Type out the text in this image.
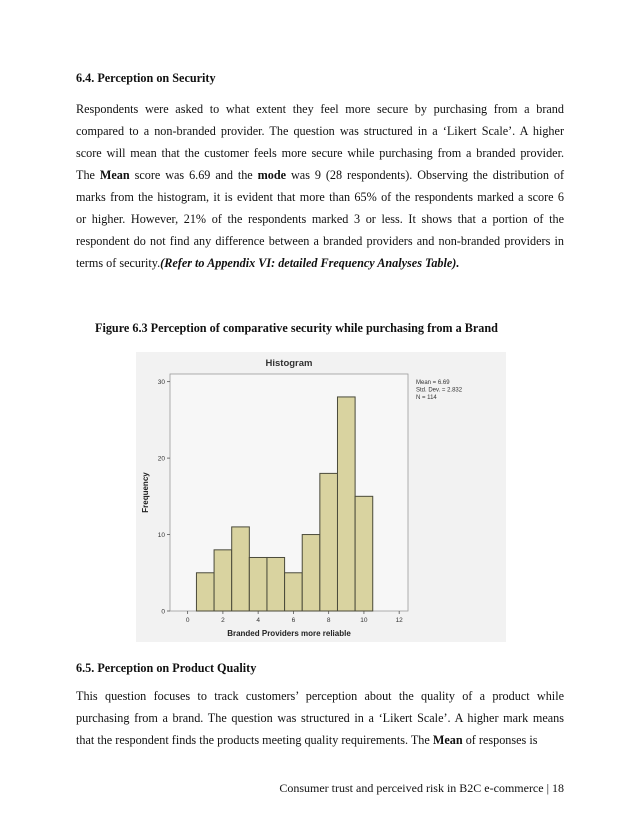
6.4. Perception on Security
Respondents were asked to what extent they feel more secure by purchasing from a brand
compared to a non-branded provider. The question was structured in a ‘Likert Scale’. A higher
score will mean that the customer feels more secure while purchasing from a branded provider.
The Mean score was 6.69 and the mode was 9 (28 respondents). Observing the distribution of
marks from the histogram, it is evident that more than 65% of the respondents marked a score 6
or higher. However, 21% of the respondents marked 3 or less. It shows that a portion of the
respondent do not find any difference between a branded providers and non-branded providers in
terms of security.(Refer to Appendix VI: detailed Frequency Analyses Table).
Figure 6.3 Perception of comparative security while purchasing from a Brand
Histogram
0
10
20
30
0	2	4	6	8	10	12
Branded Providers more reliable
Frequency
Mean = 6.69
Std. Dev. = 2.832
N = 114
6.5. Perception on Product Quality
This question focuses to track customers’ perception about the quality of a product while
purchasing from a brand. The question was structured in a ‘Likert Scale’. A higher mark means
that the respondent finds the products meeting quality requirements. The Mean of responses is
Consumer trust and perceived risk in B2C e-commerce | 18
